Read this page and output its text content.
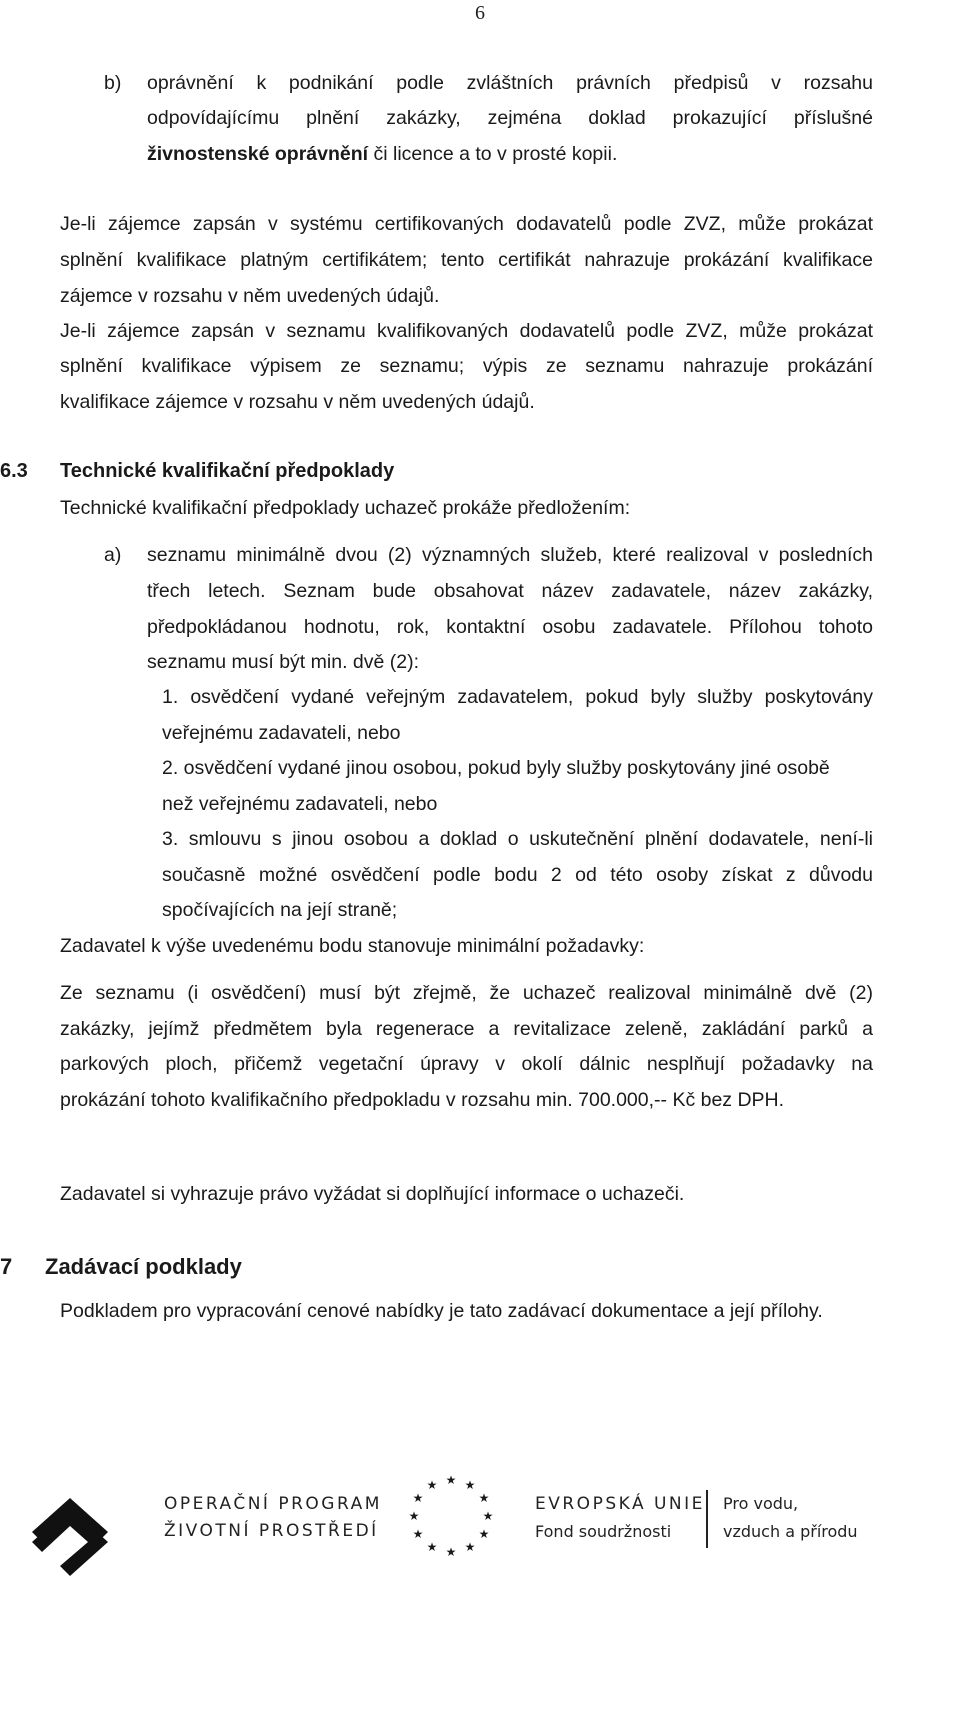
6
b) oprávnění k podnikání podle zvláštních právních předpisů v rozsahu
odpovídajícímu plnění zakázky, zejména doklad prokazující příslušné
živnostenské oprávnění či licence a to v prosté kopii.
Je-li zájemce zapsán v systému certifikovaných dodavatelů podle ZVZ, může prokázat
splnění kvalifikace platným certifikátem; tento certifikát nahrazuje prokázání kvalifikace
zájemce v rozsahu v něm uvedených údajů.
Je-li zájemce zapsán v seznamu kvalifikovaných dodavatelů podle ZVZ, může prokázat
splnění kvalifikace výpisem ze seznamu; výpis ze seznamu nahrazuje prokázání
kvalifikace zájemce v rozsahu v něm uvedených údajů.
6.3 Technické kvalifikační předpoklady
Technické kvalifikační předpoklady uchazeč prokáže předložením:
a) seznamu minimálně dvou (2) významných služeb, které realizoval v posledních
třech letech. Seznam bude obsahovat název zadavatele, název zakázky,
předpokládanou hodnotu, rok, kontaktní osobu zadavatele. Přílohou tohoto
seznamu musí být min. dvě (2):
1. osvědčení vydané veřejným zadavatelem, pokud byly služby poskytovány
veřejnému zadavateli, nebo
2. osvědčení vydané jinou osobou, pokud byly služby poskytovány jiné osobě
než veřejnému zadavateli, nebo
3. smlouvu s jinou osobou a doklad o uskutečnění plnění dodavatele, není-li
současně možné osvědčení podle bodu 2 od této osoby získat z důvodu
spočívajících na její straně;
Zadavatel k výše uvedenému bodu stanovuje minimální požadavky:
Ze seznamu (i osvědčení) musí být zřejmě, že uchazeč realizoval minimálně dvě (2)
zakázky, jejímž předmětem byla regenerace a revitalizace zeleně, zakládání parků a
parkových ploch, přičemž vegetační úpravy v okolí dálnic nesplňují požadavky na
prokázání tohoto kvalifikačního předpokladu v rozsahu min. 700.000,-- Kč bez DPH.
Zadavatel si vyhrazuje právo vyžádat si doplňující informace o uchazeči.
7 Zadávací podklady
Podkladem pro vypracování cenové nabídky je tato zadávací dokumentace a její přílohy.
OPERAČNÍ PROGRAM
ŽIVOTNÍ PROSTŘEDÍ
★ ★
★
★
★
★
★
★
★
★
★
★
EVROPSKÁ UNIE
Fond soudržnosti
Pro vodu,
vzduch a přírodu
